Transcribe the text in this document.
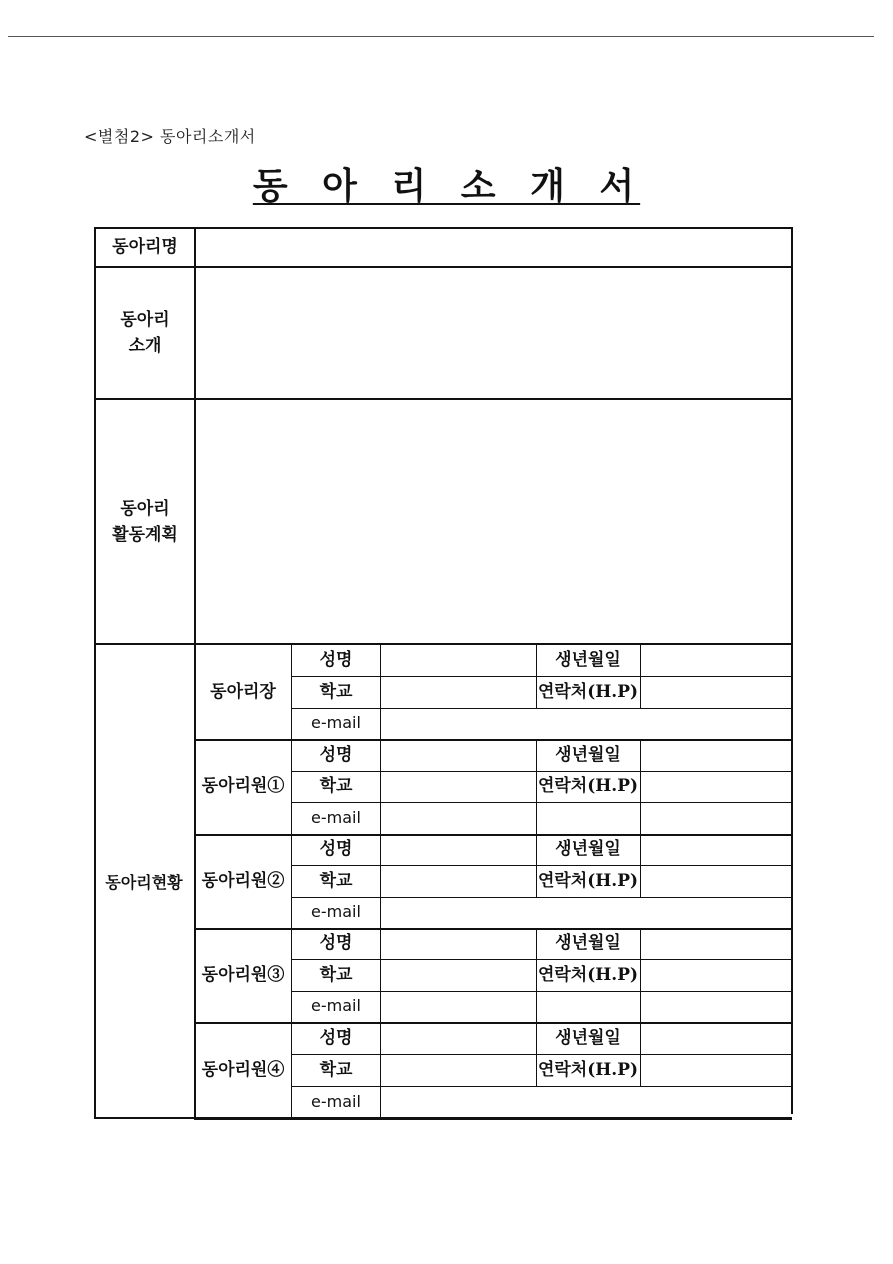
<별첨2> 동아리소개서
동 아 리 소 개 서
동아리명
동아리
소개
동아리
활동계획
동아리현황
동아리장
성명
학교
e-mail
생년월일
연락처(H.P)
동아리원①
성명
학교
e-mail
생년월일
연락처(H.P)
동아리원②
성명
학교
e-mail
생년월일
연락처(H.P)
동아리원③
성명
학교
e-mail
생년월일
연락처(H.P)
동아리원④
성명
학교
e-mail
생년월일
연락처(H.P)
